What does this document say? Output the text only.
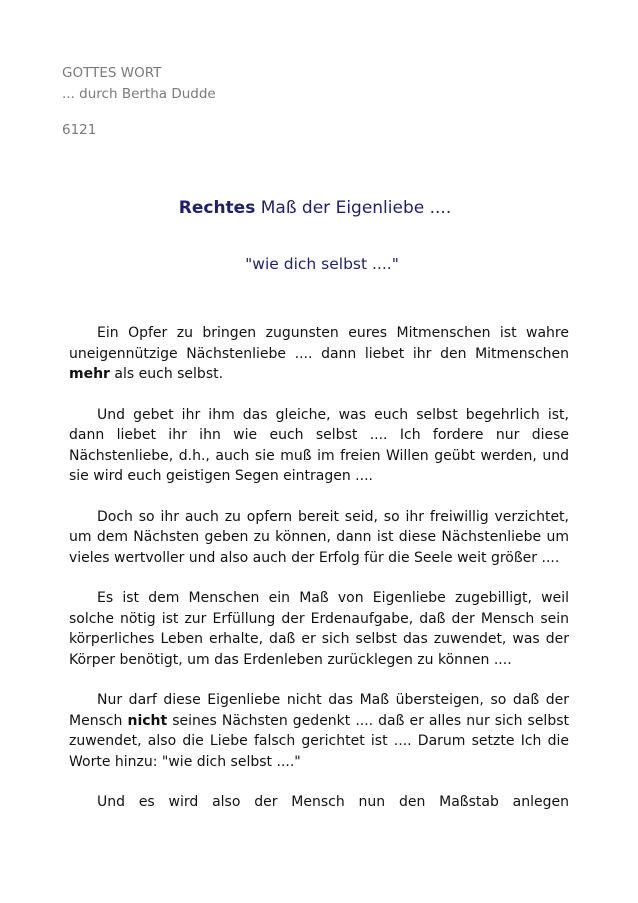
GOTTES WORT
... durch Bertha Dudde
6121
Rechtes Maß der Eigenliebe ....
"wie dich selbst ...."

Ein Opfer zu bringen zugunsten eures Mitmenschen ist wahre uneigennützige Nächstenliebe .... dann liebet ihr den Mitmenschen mehr als euch selbst.

Und gebet ihr ihm das gleiche, was euch selbst begehrlich ist, dann liebet ihr ihn wie euch selbst .... Ich fordere nur diese Nächstenliebe, d.h., auch sie muß im freien Willen geübt werden, und sie wird euch geistigen Segen eintragen ....

Doch so ihr auch zu opfern bereit seid, so ihr freiwillig verzichtet, um dem Nächsten geben zu können, dann ist diese Nächstenliebe um vieles wertvoller und also auch der Erfolg für die Seele weit größer ....

Es ist dem Menschen ein Maß von Eigenliebe zugebilligt, weil solche nötig ist zur Erfüllung der Erdenaufgabe, daß der Mensch sein körperliches Leben erhalte, daß er sich selbst das zuwendet, was der Körper benötigt, um das Erdenleben zurücklegen zu können ....

Nur darf diese Eigenliebe nicht das Maß übersteigen, so daß der Mensch nicht seines Nächsten gedenkt .... daß er alles nur sich selbst zuwendet, also die Liebe falsch gerichtet ist .... Darum setzte Ich die Worte hinzu: "wie dich selbst ...."

Und es wird also der Mensch nun den Maßstab anlegen
